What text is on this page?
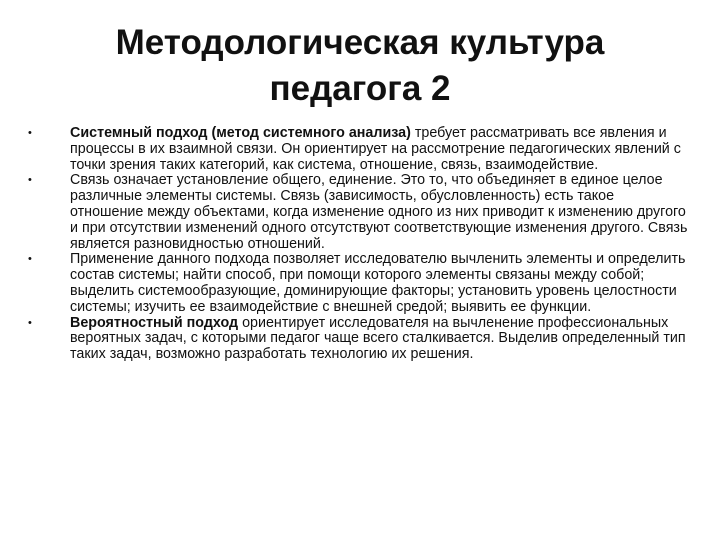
Методологическая культура
педагога 2
•	Системный подход (метод системного анализа) требует рассматривать все явления и процессы в их взаимной связи. Он ориентирует на рассмотрение педагогических явлений с точки зрения таких категорий, как система, отношение, связь, взаимодействие.
•	Связь означает установление общего, единение. Это то, что объединяет в единое целое различные элементы системы. Связь (зависимость, обусловленность) есть такое отношение между объектами, когда изменение одного из них приводит к изменению другого и при отсутствии изменений одного отсутствуют соответствующие изменения другого. Связь является разновидностью отношений.
•	Применение данного подхода позволяет исследователю вычленить элементы и определить состав системы; найти способ, при помощи которого элементы связаны между собой; выделить системообразующие, доминирующие факторы; установить уровень целостности системы; изучить ее взаимодействие с внешней средой; выявить ее функции.
•	Вероятностный подход ориентирует исследователя на вычленение профессиональных вероятных задач, с которыми педагог чаще всего сталкивается. Выделив определенный тип таких задач, возможно разработать технологию их решения.
